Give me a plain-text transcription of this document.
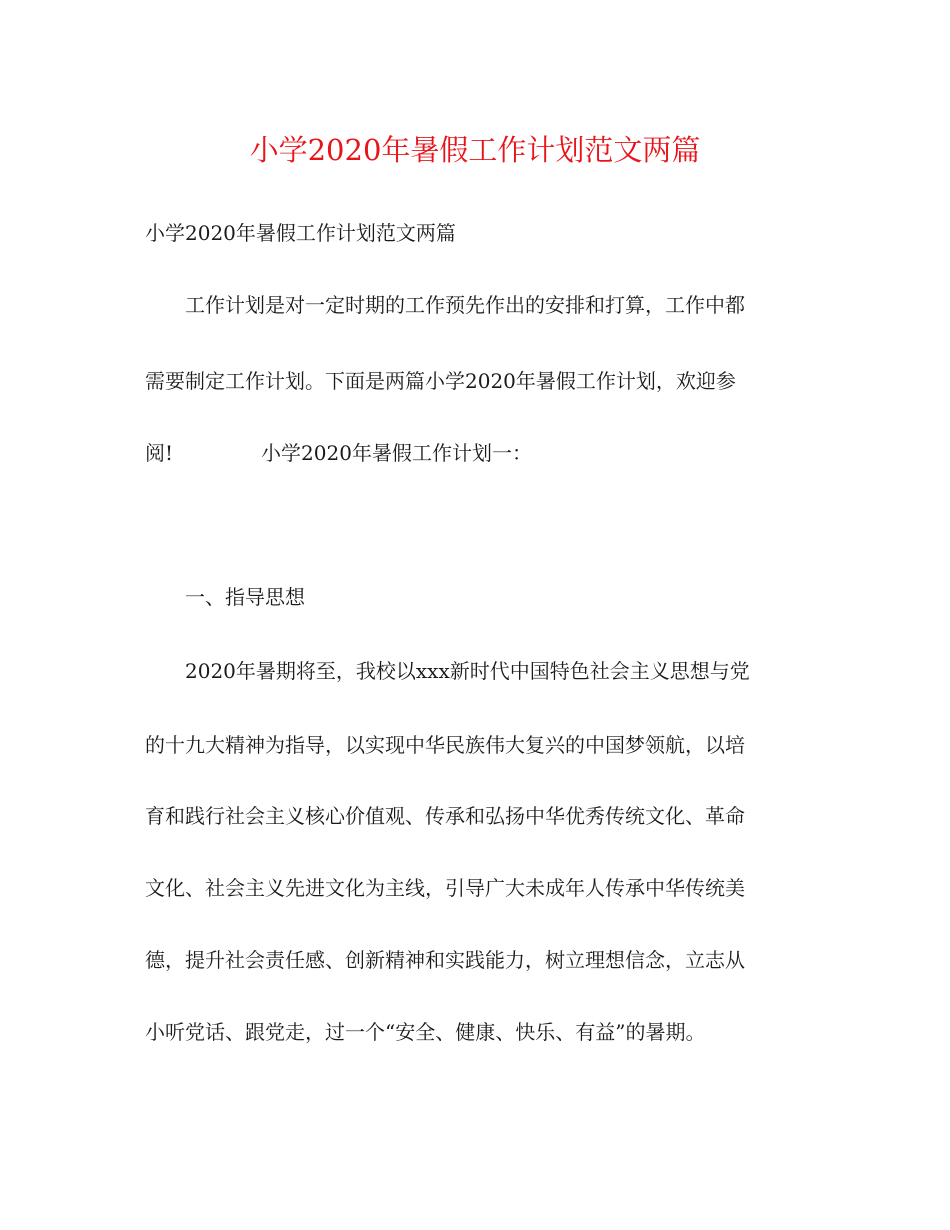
小学2020年暑假工作计划范文两篇
小学2020年暑假工作计划范文两篇
工作计划是对一定时期的工作预先作出的安排和打算，工作中都
需要制定工作计划。下面是两篇小学2020年暑假工作计划，欢迎参
阅!	小学2020年暑假工作计划一：
一、指导思想
2020年暑期将至，我校以xxx新时代中国特色社会主义思想与党
的十九大精神为指导，以实现中华民族伟大复兴的中国梦领航，以培
育和践行社会主义核心价值观、传承和弘扬中华优秀传统文化、革命
文化、社会主义先进文化为主线，引导广大未成年人传承中华传统美
德，提升社会责任感、创新精神和实践能力，树立理想信念，立志从
小听党话、跟党走，过一个“安全、健康、快乐、有益”的暑期。
